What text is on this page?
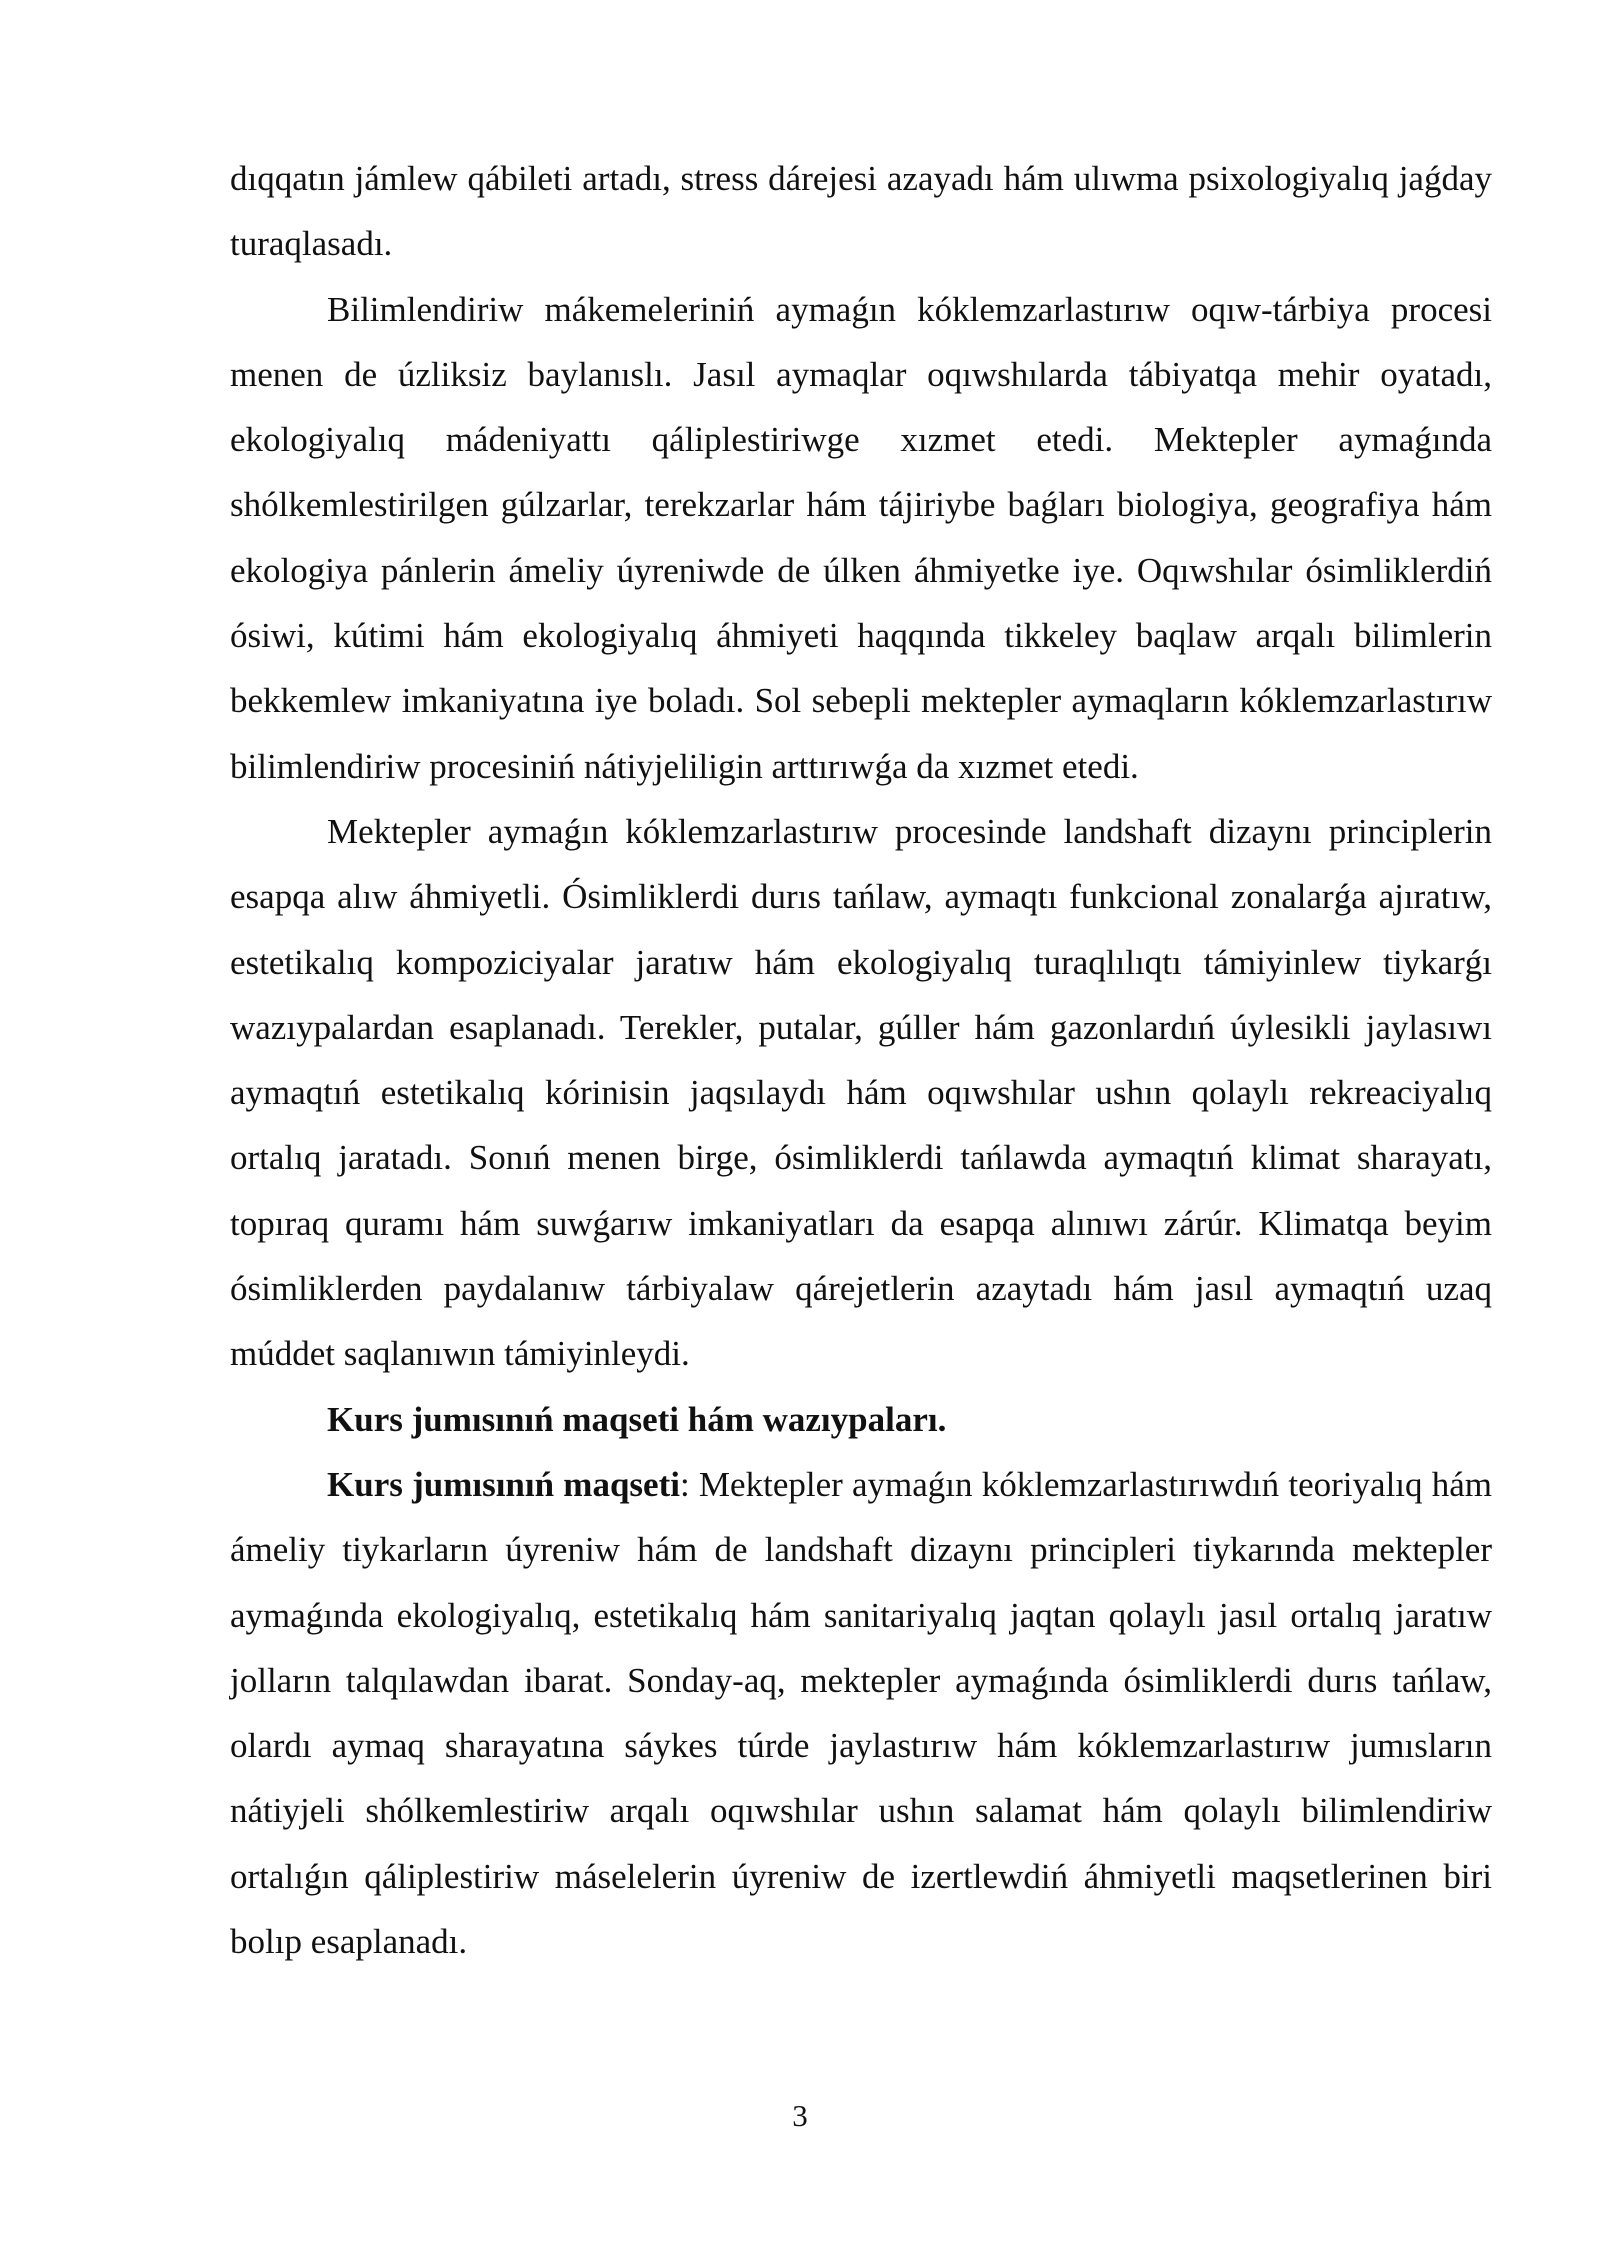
dıqqatın jámlew qábileti artadı, stress dárejesi azayadı hám ulıwma psixologiyalıq jaǵday turaqlasadı.

Bilimlendiriw mákemeleriniń aymaǵın kóklemzarlastırıw oqıw-tárbiya procesi menen de úzliksiz baylanıslı. Jasıl aymaqlar oqıwshılarda tábiyatqa mehir oyatadı, ekologiyalıq mádeniyattı qáliplestiriwge xızmet etedi. Mektepler aymaǵında shólkemlestirilgen gúlzarlar, terekzarlar hám tájiriybe baǵları biologiya, geografiya hám ekologiya pánlerin ámeliy úyreniwde de úlken áhmiyetke iye. Oqıwshılar ósimliklerdiń ósiwi, kútimi hám ekologiyalıq áhmiyeti haqqında tikkeley baqlaw arqalı bilimlerin bekkemlew imkaniyatına iye boladı. Sol sebepli mektepler aymaqların kóklemzarlastırıw bilimlendiriw procesiniń nátiyjeliligin arttırıwǵa da xızmet etedi.

Mektepler aymaǵın kóklemzarlastırıw procesinde landshaft dizaynı principlerin esapqa alıw áhmiyetli. Ósimliklerdi durıs tańlaw, aymaqtı funkcional zonalarǵa ajıratıw, estetikalıq kompoziciyalar jaratıw hám ekologiyalıq turaqlılıqtı támiyinlew tiykarǵı wazıypalardan esaplanadı. Terekler, putalar, gúller hám gazonlardıń úylesikli jaylasıwı aymaqtıń estetikalıq kórinisin jaqsılaydı hám oqıwshılar ushın qolaylı rekreaciyalıq ortalıq jaratadı. Sonıń menen birge, ósimliklerdi tańlawda aymaqtıń klimat sharayatı, topıraq quramı hám suwǵarıw imkaniyatları da esapqa alınıwı zárúr. Klimatqa beyim ósimliklerden paydalanıw tárbiyalaw qárejetlerin azaytadı hám jasıl aymaqtıń uzaq múddet saqlanıwın támiyinleydi.

Kurs jumısınıń maqseti hám wazıypaları.

Kurs jumısınıń maqseti: Mektepler aymaǵın kóklemzarlastırıwdıń teoriyalıq hám ámeliy tiykarların úyreniw hám de landshaft dizaynı principleri tiykarında mektepler aymaǵında ekologiyalıq, estetikalıq hám sanitariyalıq jaqtan qolaylı jasıl ortalıq jaratıw jolların talqılawdan ibarat. Sonday-aq, mektepler aymaǵında ósimliklerdi durıs tańlaw, olardı aymaq sharayatına sáykes túrde jaylastırıw hám kóklemzarlastırıw jumısların nátiyjeli shólkemlestiriw arqalı oqıwshılar ushın salamat hám qolaylı bilimlendiriw ortalıǵın qáliplestiriw máselelerin úyreniw de izertlewdiń áhmiyetli maqsetlerinen biri bolıp esaplanadı.

3
